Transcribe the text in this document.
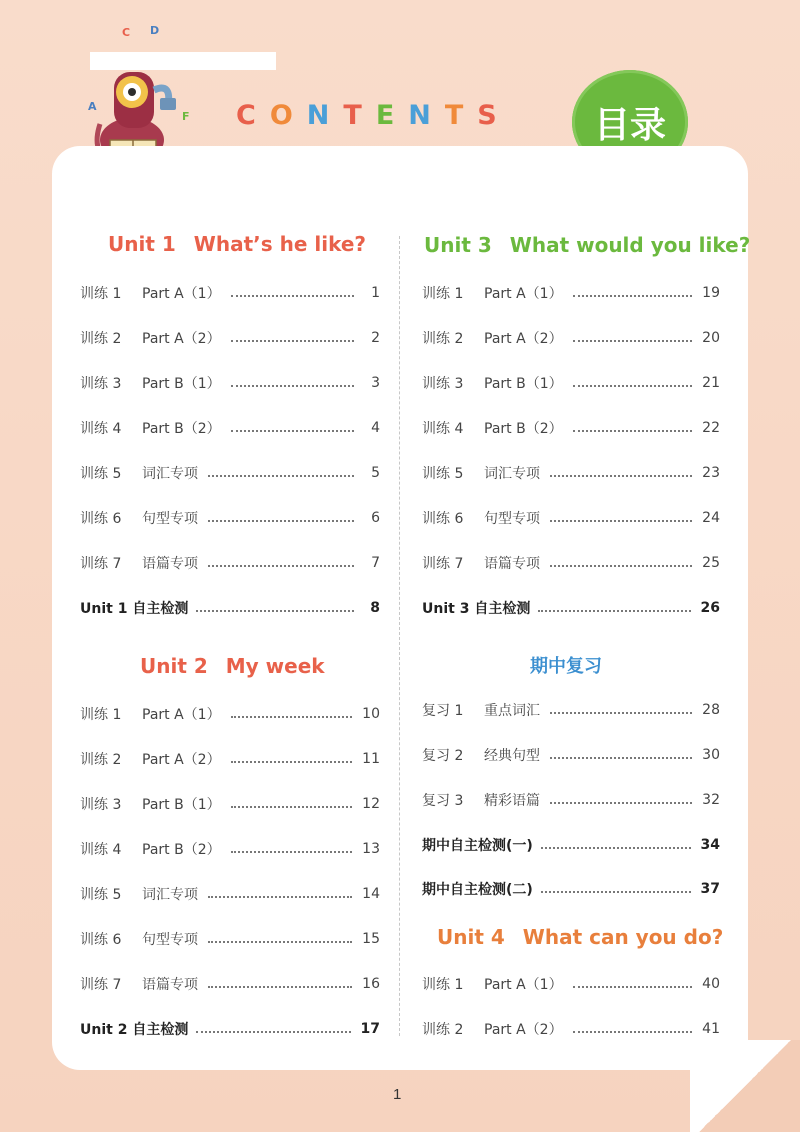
A
C D
F CONTENTS	目录
Unit 1 What’s he like?
训练 1	Part A（1）	1
训练 2	Part A（2）	2
训练 3	Part B（1）	3
训练 4	Part B（2）	4
训练 5	词汇专项	5
训练 6	句型专项	6
训练 7	语篇专项	7
Unit 1 自主检测	8
Unit 2 My week
训练 1	Part A（1）	10
训练 2	Part A（2）	11
训练 3	Part B（1）	12
训练 4	Part B（2）	13
训练 5	词汇专项	14
训练 6	句型专项	15
训练 7	语篇专项	16
Unit 2 自主检测	17
Unit 3 What would you like?
训练 1	Part A（1）	19
训练 2	Part A（2）	20
训练 3	Part B（1）	21
训练 4	Part B（2）	22
训练 5	词汇专项	23
训练 6	句型专项	24
训练 7	语篇专项	25
Unit 3 自主检测	26
期中复习
复习 1	重点词汇	28
复习 2	经典句型	30
复习 3	精彩语篇	32
期中自主检测(一)	34
期中自主检测(二)	37
Unit 4 What can you do?
训练 1	Part A（1）	40
训练 2	Part A（2）	41
1
